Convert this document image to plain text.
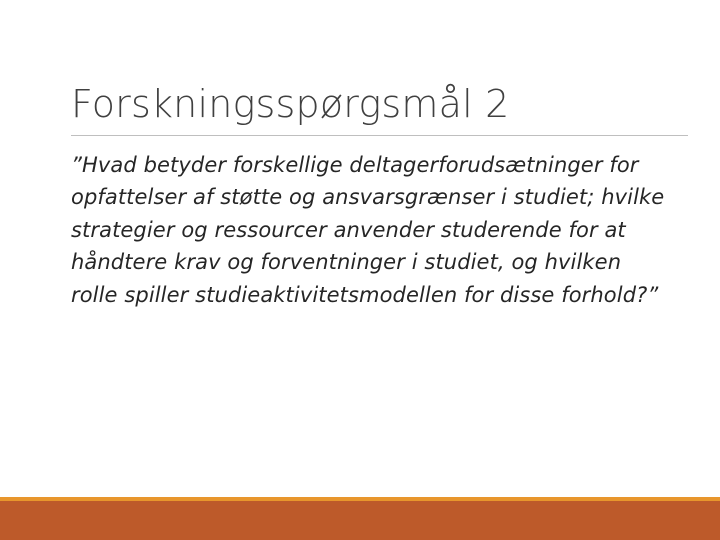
Forskningsspørgsmål 2
”Hvad betyder forskellige deltagerforudsætninger for opfattelser af støtte og ansvarsgrænser i studiet; hvilke strategier og ressourcer anvender studerende for at håndtere krav og forventninger i studiet, og hvilken rolle spiller studieaktivitetsmodellen for disse forhold?”
